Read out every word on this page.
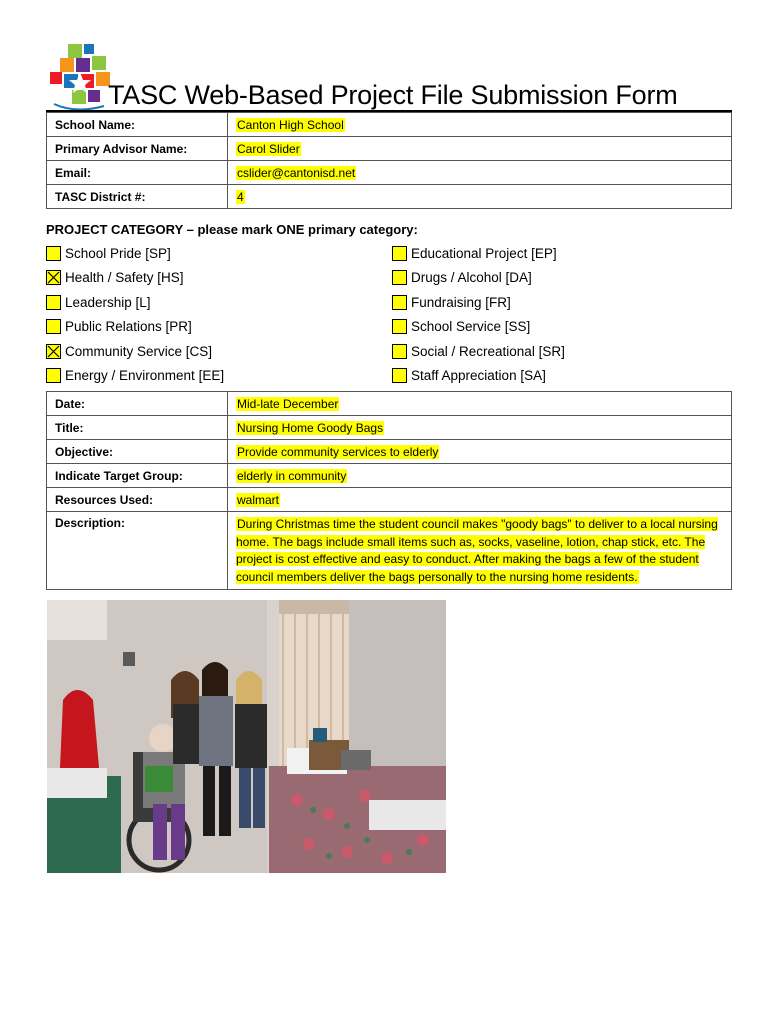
TASC Web-Based Project File Submission Form
School Name:	Canton High School
Primary Advisor Name:	Carol Slider
Email:	cslider@cantonisd.net
TASC District #:	4
PROJECT CATEGORY – please mark ONE primary category:
School Pride [SP]
Health / Safety [HS]
Leadership [L]
Public Relations [PR]
Community Service [CS]
Energy / Environment [EE]
Educational Project [EP]
Drugs / Alcohol [DA]
Fundraising [FR]
School Service [SS]
Social / Recreational [SR]
Staff Appreciation [SA]
Date:	Mid-late December
Title:	Nursing Home Goody Bags
Objective:	Provide community services to elderly
Indicate Target Group:	elderly in community
Resources Used:	walmart
Description:	During Christmas time the student council makes "goody bags" to deliver to a local nursing home. The bags include small items such as, socks, vaseline, lotion, chap stick, etc. The project is cost effective and easy to conduct. After making the bags a few of the student council members deliver the bags personally to the nursing home residents.
